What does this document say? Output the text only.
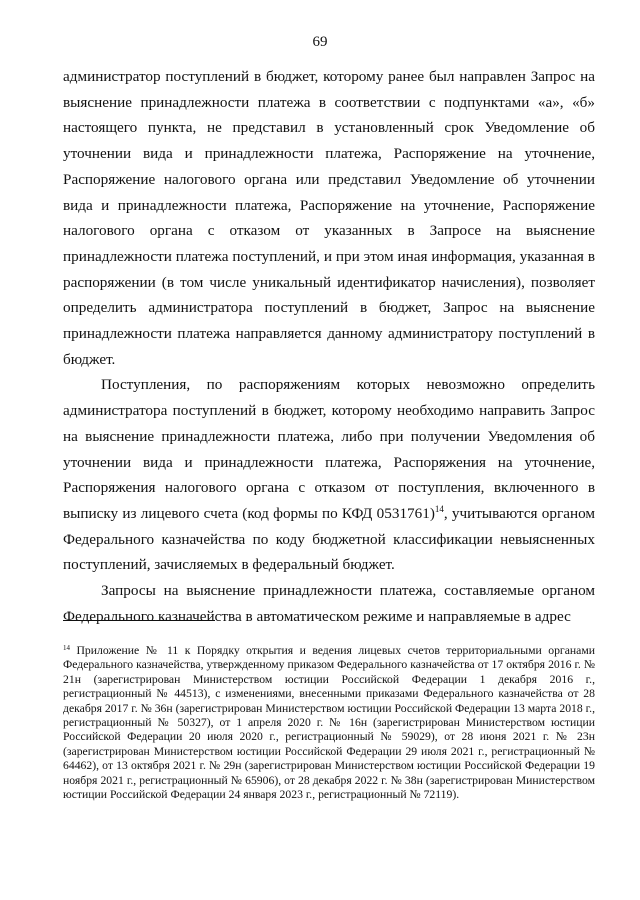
69

администратор поступлений в бюджет, которому ранее был направлен Запрос на выяснение принадлежности платежа в соответствии с подпунктами «а», «б» настоящего пункта, не представил в установленный срок Уведомление об уточнении вида и принадлежности платежа, Распоряжение на уточнение, Распоряжение налогового органа или представил Уведомление об уточнении вида и принадлежности платежа, Распоряжение на уточнение, Распоряжение налогового органа с отказом от указанных в Запросе на выяснение принадлежности платежа поступлений, и при этом иная информация, указанная в распоряжении (в том числе уникальный идентификатор начисления), позволяет определить администратора поступлений в бюджет, Запрос на выяснение принадлежности платежа направляется данному администратору поступлений в бюджет.

Поступления, по распоряжениям которых невозможно определить администратора поступлений в бюджет, которому необходимо направить Запрос на выяснение принадлежности платежа, либо при получении Уведомления об уточнении вида и принадлежности платежа, Распоряжения на уточнение, Распоряжения налогового органа с отказом от поступления, включенного в выписку из лицевого счета (код формы по КФД 0531761)$^{14}$, учитываются органом Федерального казначейства по коду бюджетной классификации невыясненных поступлений, зачисляемых в федеральный бюджет.

Запросы на выяснение принадлежности платежа, составляемые органом Федерального казначейства в автоматическом режиме и направляемые в адрес

$^{14}$ Приложение № 11 к Порядку открытия и ведения лицевых счетов территориальными органами Федерального казначейства, утвержденному приказом Федерального казначейства от 17 октября 2016 г. № 21н (зарегистрирован Министерством юстиции Российской Федерации 1 декабря 2016 г., регистрационный № 44513), с изменениями, внесенными приказами Федерального казначейства от 28 декабря 2017 г. № 36н (зарегистрирован Министерством юстиции Российской Федерации 13 марта 2018 г., регистрационный № 50327), от 1 апреля 2020 г. № 16н (зарегистрирован Министерством юстиции Российской Федерации 20 июля 2020 г., регистрационный № 59029), от 28 июня 2021 г. № 23н (зарегистрирован Министерством юстиции Российской Федерации 29 июля 2021 г., регистрационный № 64462), от 13 октября 2021 г. № 29н (зарегистрирован Министерством юстиции Российской Федерации 19 ноября 2021 г., регистрационный № 65906), от 28 декабря 2022 г. № 38н (зарегистрирован Министерством юстиции Российской Федерации 24 января 2023 г., регистрационный № 72119).
